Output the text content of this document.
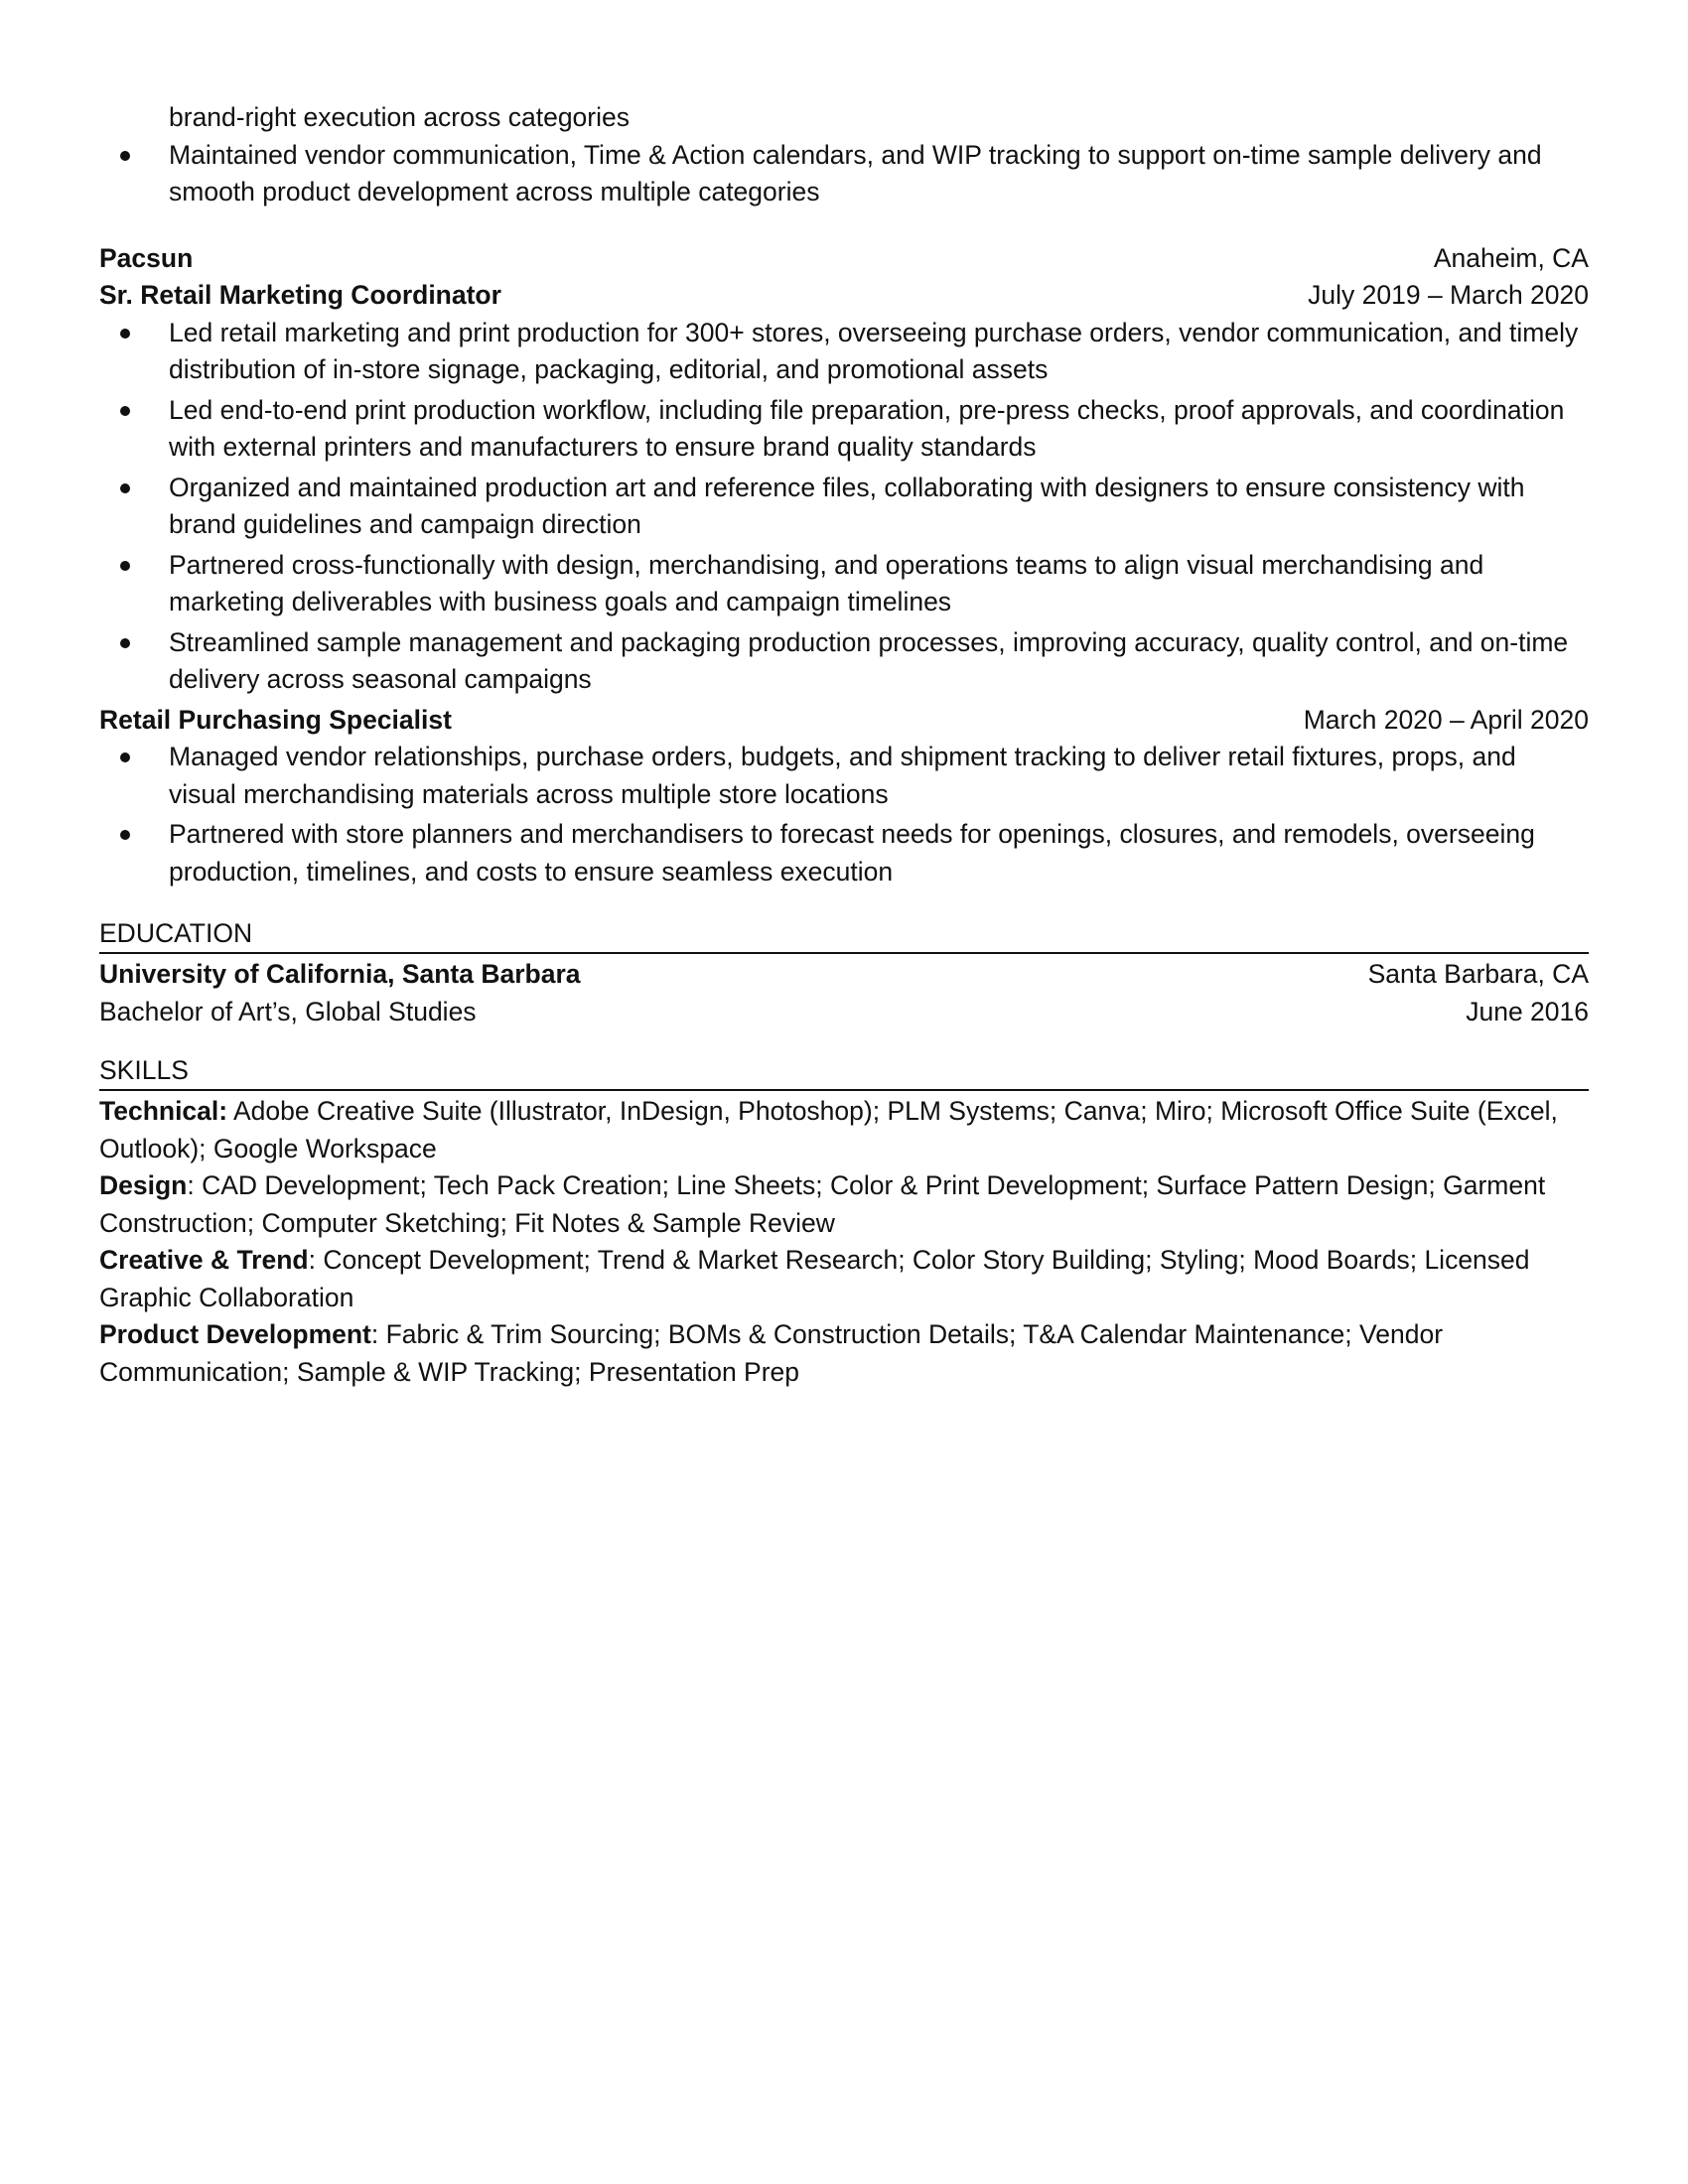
brand-right execution across categories
Maintained vendor communication, Time & Action calendars, and WIP tracking to support on-time sample delivery and smooth product development across multiple categories
Pacsun	Anaheim, CA
Sr. Retail Marketing Coordinator	July 2019 – March 2020
Led retail marketing and print production for 300+ stores, overseeing purchase orders, vendor communication, and timely distribution of in-store signage, packaging, editorial, and promotional assets
Led end-to-end print production workflow, including file preparation, pre-press checks, proof approvals, and coordination with external printers and manufacturers to ensure brand quality standards
Organized and maintained production art and reference files, collaborating with designers to ensure consistency with brand guidelines and campaign direction
Partnered cross-functionally with design, merchandising, and operations teams to align visual merchandising and marketing deliverables with business goals and campaign timelines
Streamlined sample management and packaging production processes, improving accuracy, quality control, and on-time delivery across seasonal campaigns
Retail Purchasing Specialist	March 2020 – April 2020
Managed vendor relationships, purchase orders, budgets, and shipment tracking to deliver retail fixtures, props, and visual merchandising materials across multiple store locations
Partnered with store planners and merchandisers to forecast needs for openings, closures, and remodels, overseeing production, timelines, and costs to ensure seamless execution
EDUCATION
University of California, Santa Barbara	Santa Barbara, CA
Bachelor of Art’s, Global Studies	June 2016
SKILLS

Technical: Adobe Creative Suite (Illustrator, InDesign, Photoshop); PLM Systems; Canva; Miro; Microsoft Office Suite (Excel, Outlook); Google Workspace

Design: CAD Development; Tech Pack Creation; Line Sheets; Color & Print Development; Surface Pattern Design; Garment Construction; Computer Sketching; Fit Notes & Sample Review

Creative & Trend: Concept Development; Trend & Market Research; Color Story Building; Styling; Mood Boards; Licensed Graphic Collaboration

Product Development: Fabric & Trim Sourcing; BOMs & Construction Details; T&A Calendar Maintenance; Vendor Communication; Sample & WIP Tracking; Presentation Prep
